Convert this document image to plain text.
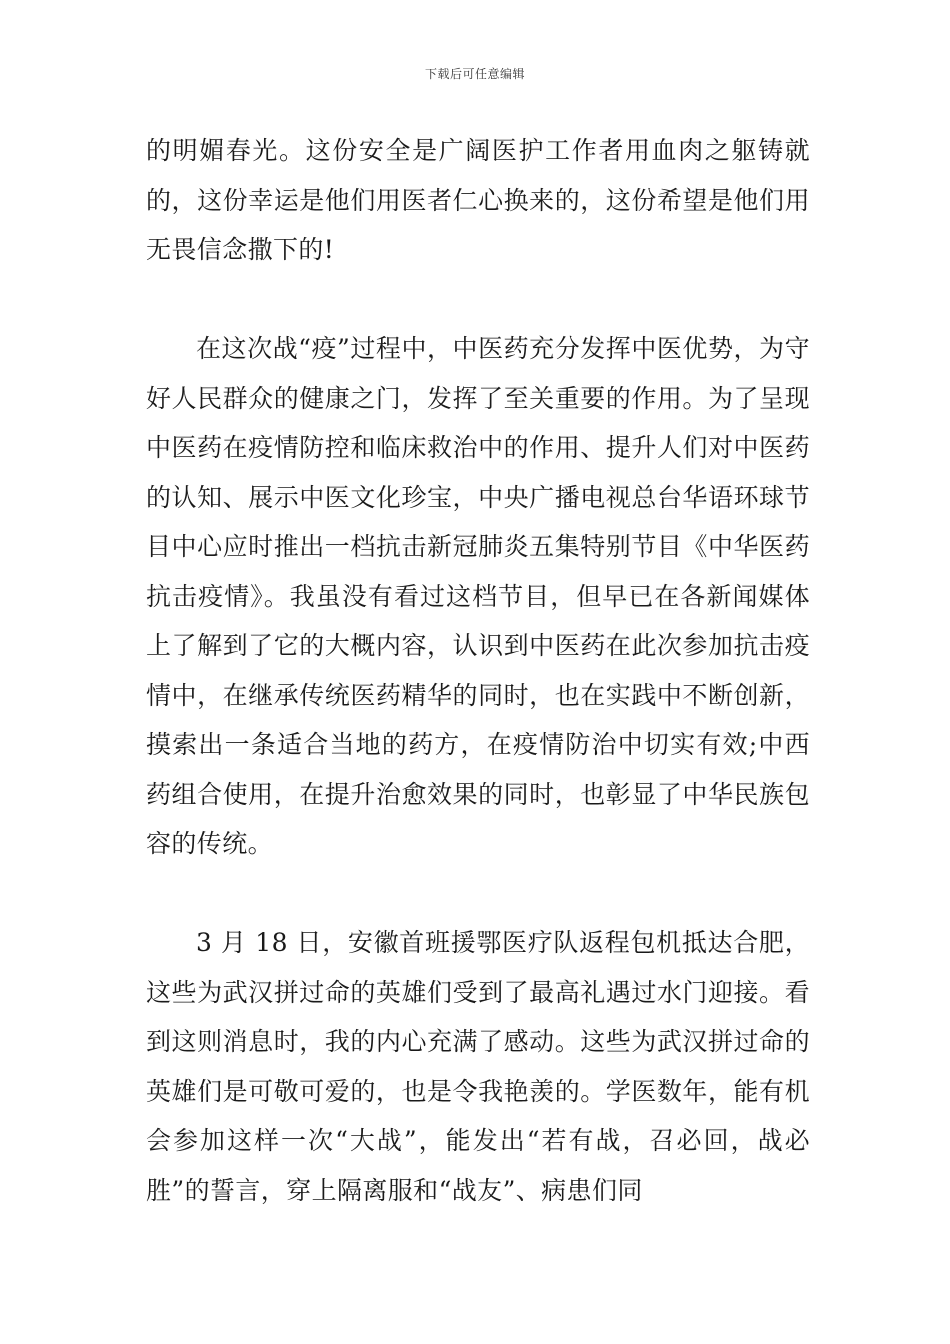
下载后可任意编辑

的明媚春光。这份安全是广阔医护工作者用血肉之躯铸就的，这份幸运是他们用医者仁心换来的，这份希望是他们用无畏信念撒下的!

在这次战“疫”过程中，中医药充分发挥中医优势，为守好人民群众的健康之门，发挥了至关重要的作用。为了呈现中医药在疫情防控和临床救治中的作用、提升人们对中医药的认知、展示中医文化珍宝，中央广播电视总台华语环球节目中心应时推出一档抗击新冠肺炎五集特别节目《中华医药 抗击疫情》。我虽没有看过这档节目，但早已在各新闻媒体上了解到了它的大概内容，认识到中医药在此次参加抗击疫情中，在继承传统医药精华的同时，也在实践中不断创新，摸索出一条适合当地的药方，在疫情防治中切实有效;中西药组合使用，在提升治愈效果的同时，也彰显了中华民族包容的传统。

3 月 18 日，安徽首班援鄂医疗队返程包机抵达合肥，这些为武汉拼过命的英雄们受到了最高礼遇过水门迎接。看到这则消息时，我的内心充满了感动。这些为武汉拼过命的英雄们是可敬可爱的，也是令我艳羡的。学医数年，能有机会参加这样一次“大战”，能发出“若有战，召必回，战必胜”的誓言，穿上隔离服和“战友”、病患们同
